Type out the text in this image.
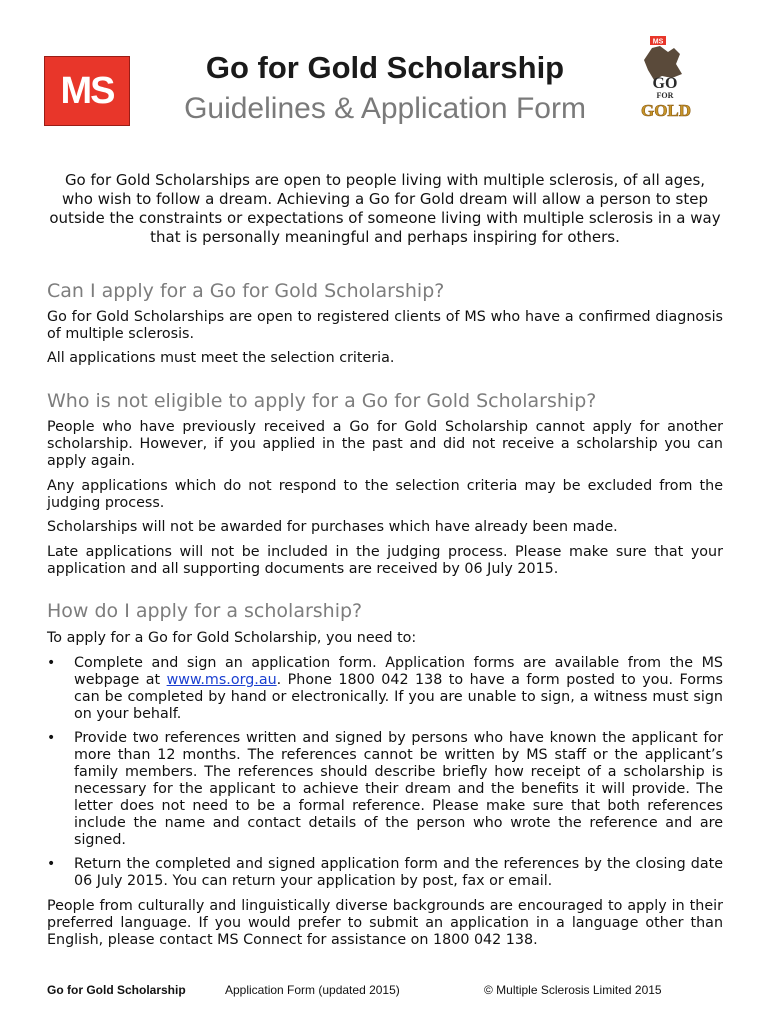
MS
Go for Gold Scholarship
Guidelines & Application Form
MS
GO
FOR
GOLD

Go for Gold Scholarships are open to people living with multiple sclerosis, of all ages, who wish to follow a dream. Achieving a Go for Gold dream will allow a person to step outside the constraints or expectations of someone living with multiple sclerosis in a way that is personally meaningful and perhaps inspiring for others.

Can I apply for a Go for Gold Scholarship?

Go for Gold Scholarships are open to registered clients of MS who have a confirmed diagnosis of multiple sclerosis.

All applications must meet the selection criteria.

Who is not eligible to apply for a Go for Gold Scholarship?

People who have previously received a Go for Gold Scholarship cannot apply for another scholarship. However, if you applied in the past and did not receive a scholarship you can apply again.

Any applications which do not respond to the selection criteria may be excluded from the judging process.

Scholarships will not be awarded for purchases which have already been made.

Late applications will not be included in the judging process. Please make sure that your application and all supporting documents are received by 06 July 2015.

How do I apply for a scholarship?

To apply for a Go for Gold Scholarship, you need to:

• Complete and sign an application form. Application forms are available from the MS webpage at www.ms.org.au. Phone 1800 042 138 to have a form posted to you. Forms can be completed by hand or electronically. If you are unable to sign, a witness must sign on your behalf.

• Provide two references written and signed by persons who have known the applicant for more than 12 months. The references cannot be written by MS staff or the applicant’s family members. The references should describe briefly how receipt of a scholarship is necessary for the applicant to achieve their dream and the benefits it will provide. The letter does not need to be a formal reference. Please make sure that both references include the name and contact details of the person who wrote the reference and are signed.

• Return the completed and signed application form and the references by the closing date 06 July 2015. You can return your application by post, fax or email.

People from culturally and linguistically diverse backgrounds are encouraged to apply in their preferred language. If you would prefer to submit an application in a language other than English, please contact MS Connect for assistance on 1800 042 138.

Go for Gold Scholarship	Application Form (updated 2015)	© Multiple Sclerosis Limited 2015
